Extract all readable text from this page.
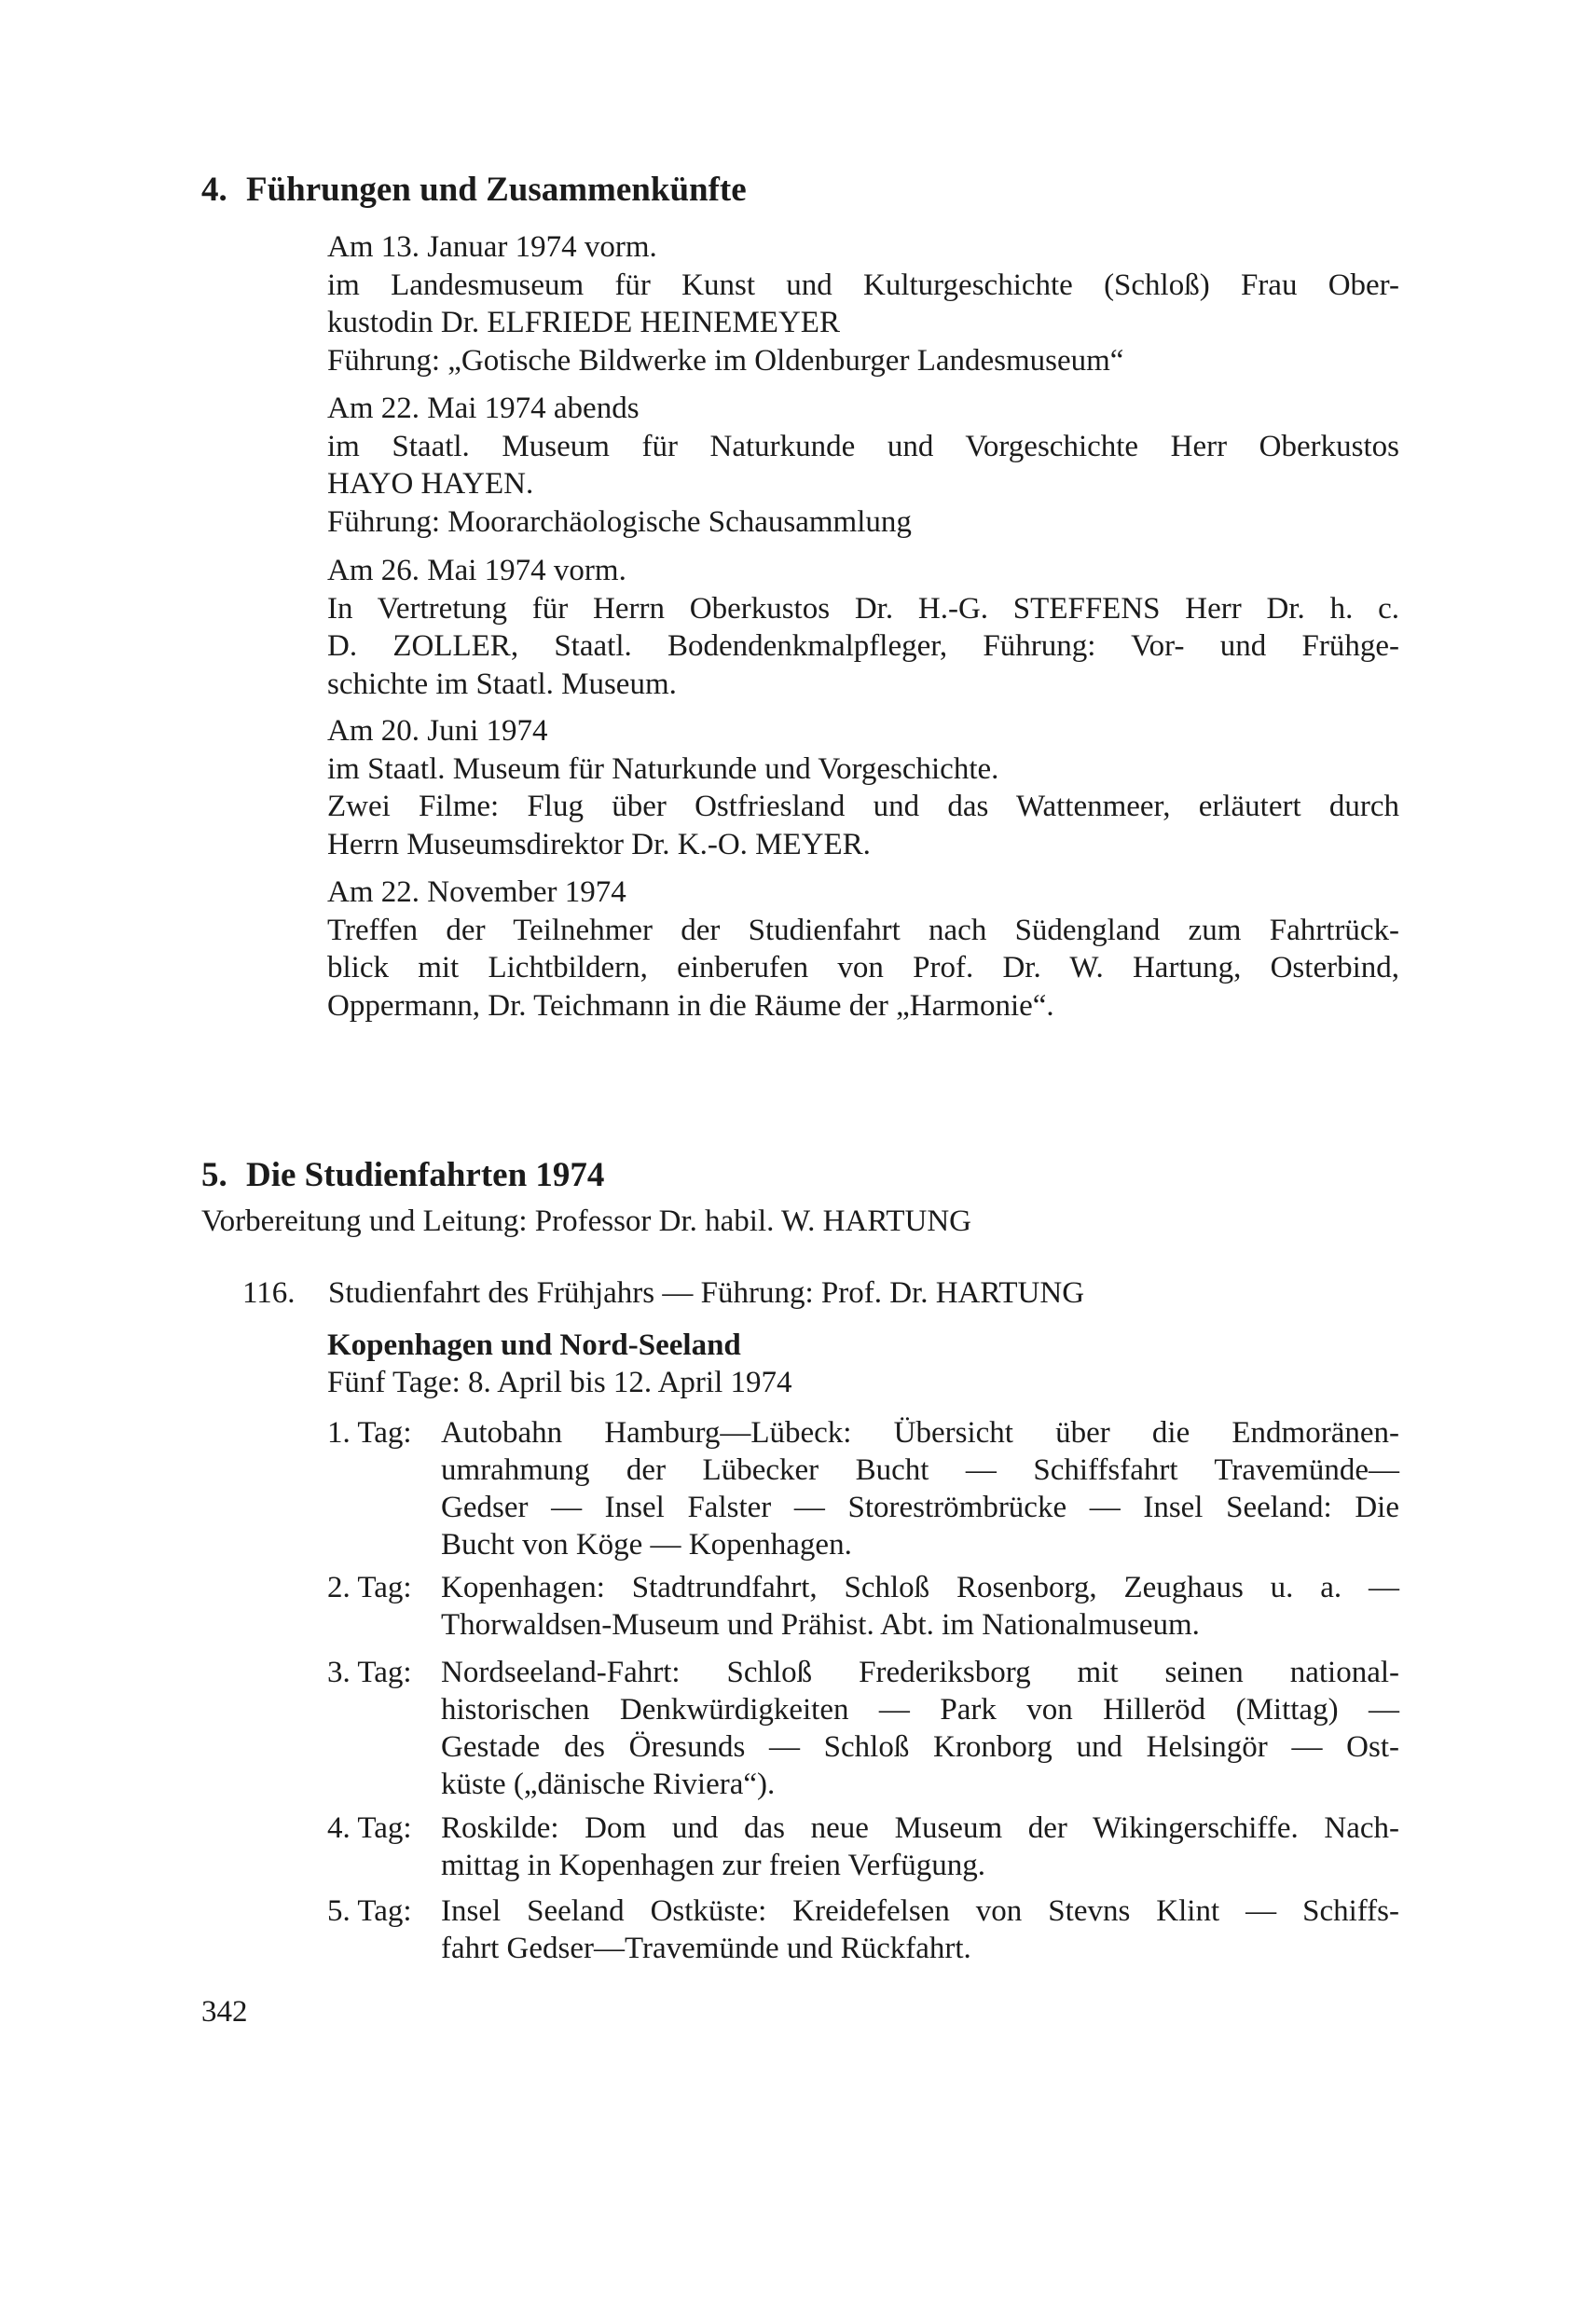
4. Führungen und Zusammenkünfte
Am 13. Januar 1974 vorm.
im Landesmuseum für Kunst und Kulturgeschichte (Schloß) Frau Ober-
kustodin Dr. ELFRIEDE HEINEMEYER
Führung: „Gotische Bildwerke im Oldenburger Landesmuseum“
Am 22. Mai 1974 abends
im Staatl. Museum für Naturkunde und Vorgeschichte Herr Oberkustos
HAYO HAYEN.
Führung: Moorarchäologische Schausammlung
Am 26. Mai 1974 vorm.
In Vertretung für Herrn Oberkustos Dr. H.-G. STEFFENS Herr Dr. h. c.
D. ZOLLER, Staatl. Bodendenkmalpfleger, Führung: Vor- und Frühge-
schichte im Staatl. Museum.
Am 20. Juni 1974
im Staatl. Museum für Naturkunde und Vorgeschichte.
Zwei Filme: Flug über Ostfriesland und das Wattenmeer, erläutert durch
Herrn Museumsdirektor Dr. K.-O. MEYER.
Am 22. November 1974
Treffen der Teilnehmer der Studienfahrt nach Südengland zum Fahrtrück-
blick mit Lichtbildern, einberufen von Prof. Dr. W. Hartung, Osterbind,
Oppermann, Dr. Teichmann in die Räume der „Harmonie“.
5. Die Studienfahrten 1974
Vorbereitung und Leitung: Professor Dr. habil. W. HARTUNG
116. Studienfahrt des Frühjahrs — Führung: Prof. Dr. HARTUNG
Kopenhagen und Nord-Seeland
Fünf Tage: 8. April bis 12. April 1974
1. Tag: Autobahn Hamburg—Lübeck: Übersicht über die Endmoränen-
umrahmung der Lübecker Bucht — Schiffsfahrt Travemünde—
Gedser — Insel Falster — Storeströmbrücke — Insel Seeland: Die
Bucht von Köge — Kopenhagen.
2. Tag: Kopenhagen: Stadtrundfahrt, Schloß Rosenborg, Zeughaus u. a. —
Thorwaldsen-Museum und Prähist. Abt. im Nationalmuseum.
3. Tag: Nordseeland-Fahrt: Schloß Frederiksborg mit seinen national-
historischen Denkwürdigkeiten — Park von Hilleröd (Mittag) —
Gestade des Öresunds — Schloß Kronborg und Helsingör — Ost-
küste („dänische Riviera“).
4. Tag: Roskilde: Dom und das neue Museum der Wikingerschiffe. Nach-
mittag in Kopenhagen zur freien Verfügung.
5. Tag: Insel Seeland Ostküste: Kreidefelsen von Stevns Klint — Schiffs-
fahrt Gedser—Travemünde und Rückfahrt.
342
